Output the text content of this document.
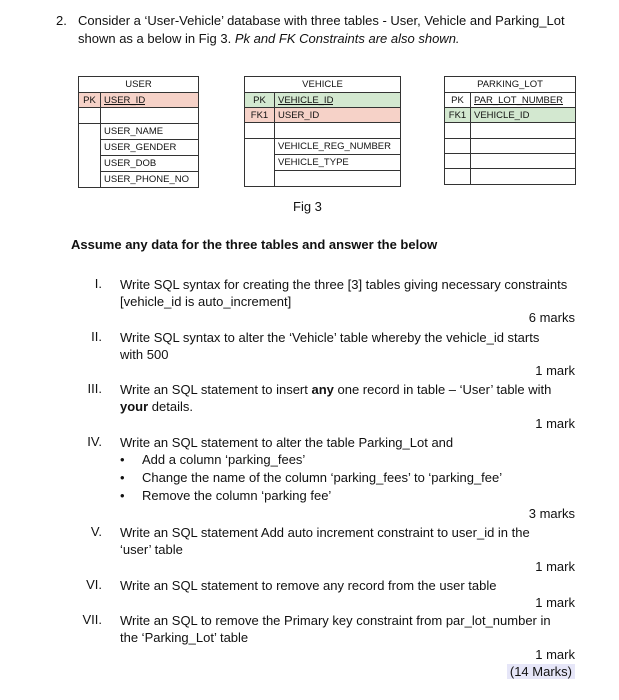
2. Consider a ‘User-Vehicle’ database with three tables - User, Vehicle and Parking_Lot
shown as a below in Fig 3. Pk and FK Constraints are also shown.
USER
PK USER_ID
USER_NAME
USER_GENDER
USER_DOB
USER_PHONE_NO
VEHICLE
PK	VEHICLE_ID
FK1	USER_ID
VEHICLE_REG_NUMBER
VEHICLE_TYPE
PARKING_LOT
PK	PAR_LOT_NUMBER
FK1 VEHICLE_ID
Fig 3
Assume any data for the three tables and answer the below
I. Write SQL syntax for creating the three [3] tables giving necessary constraints
[vehicle_id is auto_increment]
6 marks
II. Write SQL syntax to alter the ‘Vehicle’ table whereby the vehicle_id starts
with 500
1 mark
III. Write an SQL statement to insert any one record in table – ‘User’ table with
your details.
1 mark
IV. Write an SQL statement to alter the table Parking_Lot and
• Add a column ‘parking_fees’
• Change the name of the column ‘parking_fees’ to ‘parking_fee’
• Remove the column ‘parking fee’
3 marks
V. Write an SQL statement Add auto increment constraint to user_id in the
‘user’ table
1 mark
VI. Write an SQL statement to remove any record from the user table
1 mark
VII. Write an SQL to remove the Primary key constraint from par_lot_number in
the ‘Parking_Lot’ table
1 mark
(14 Marks)
